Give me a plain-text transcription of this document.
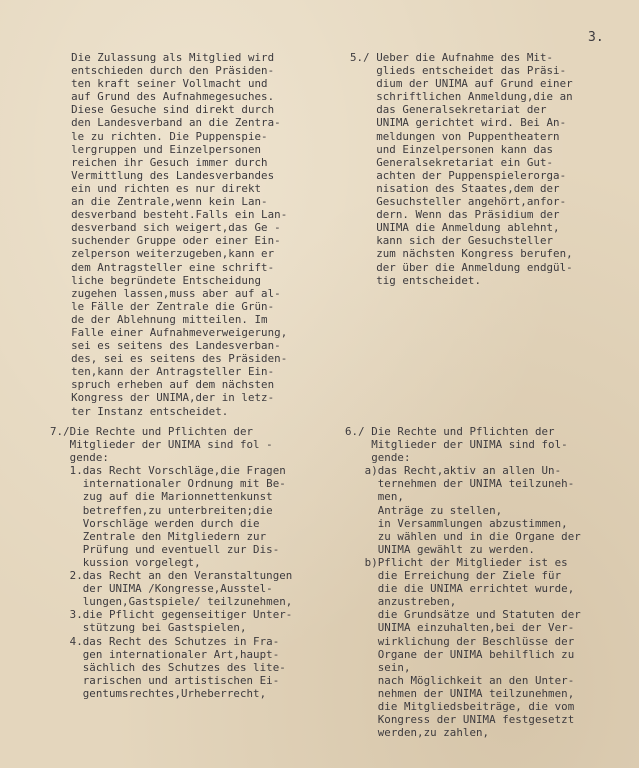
3.
Die Zulassung als Mitglied wird
entschieden durch den Präsiden-
ten kraft seiner Vollmacht und
auf Grund des Aufnahmegesuches.
Diese Gesuche sind direkt durch
den Landesverband an die Zentra-
le zu richten. Die Puppenspie-
lergruppen und Einzelpersonen
reichen ihr Gesuch immer durch
Vermittlung des Landesverbandes
ein und richten es nur direkt
an die Zentrale,wenn kein Lan-
desverband besteht.Falls ein Lan-
desverband sich weigert,das Ge -
suchender Gruppe oder einer Ein-
zelperson weiterzugeben,kann er
dem Antragsteller eine schrift-
liche begründete Entscheidung
zugehen lassen,muss aber auf al-
le Fälle der Zentrale die Grün-
de der Ablehnung mitteilen. Im
Falle einer Aufnahmeverweigerung,
sei es seitens des Landesverban-
des, sei es seitens des Präsiden-
ten,kann der Antragsteller Ein-
spruch erheben auf dem nächsten
Kongress der UNIMA,der in letz-
ter Instanz entscheidet.
5./ Ueber die Aufnahme des Mit-
glieds entscheidet das Präsi-
dium der UNIMA auf Grund einer
schriftlichen Anmeldung,die an
das Generalsekretariat der
UNIMA gerichtet wird. Bei An-
meldungen von Puppentheatern
und Einzelpersonen kann das
Generalsekretariat ein Gut-
achten der Puppenspielerorga-
nisation des Staates,dem der
Gesuchsteller angehört,anfor-
dern. Wenn das Präsidium der
UNIMA die Anmeldung ablehnt,
kann sich der Gesuchsteller
zum nächsten Kongress berufen,
der über die Anmeldung endgül-
tig entscheidet.
7./Die Rechte und Pflichten der
Mitglieder der UNIMA sind fol -
gende:
1.das Recht Vorschläge,die Fragen
internationaler Ordnung mit Be-
zug auf die Marionnettenkunst
betreffen,zu unterbreiten;die
Vorschläge werden durch die
Zentrale den Mitgliedern zur
Prüfung und eventuell zur Dis-
kussion vorgelegt,
2.das Recht an den Veranstaltungen
der UNIMA /Kongresse,Ausstel-
lungen,Gastspiele/ teilzunehmen,
3.die Pflicht gegenseitiger Unter-
stützung bei Gastspielen,
4.das Recht des Schutzes in Fra-
gen internationaler Art,haupt-
sächlich des Schutzes des lite-
rarischen und artistischen Ei-
gentumsrechtes,Urheberrecht,
6./ Die Rechte und Pflichten der
Mitglieder der UNIMA sind fol-
gende:
a)das Recht,aktiv an allen Un-
ternehmen der UNIMA teilzuneh-
men,
Anträge zu stellen,
in Versammlungen abzustimmen,
zu wählen und in die Organe der
UNIMA gewählt zu werden.
b)Pflicht der Mitglieder ist es
die Erreichung der Ziele für
die die UNIMA errichtet wurde,
anzustreben,
die Grundsätze und Statuten der
UNIMA einzuhalten,bei der Ver-
wirklichung der Beschlüsse der
Organe der UNIMA behilflich zu
sein,
nach Möglichkeit an den Unter-
nehmen der UNIMA teilzunehmen,
die Mitgliedsbeiträge, die vom
Kongress der UNIMA festgesetzt
werden,zu zahlen,
